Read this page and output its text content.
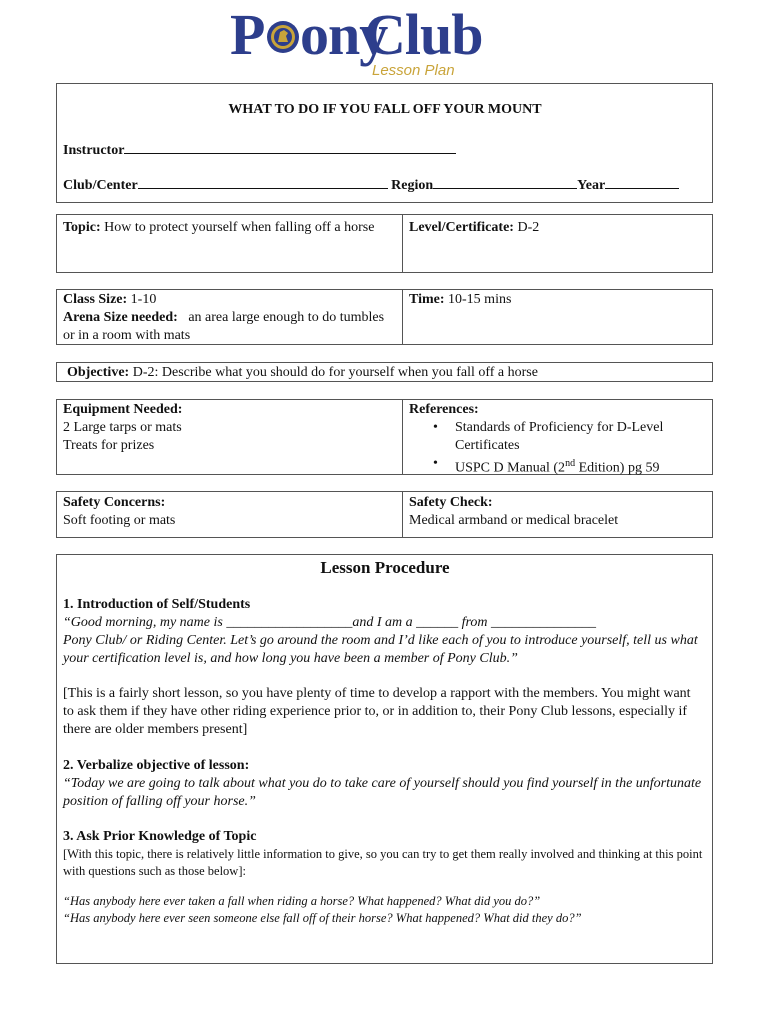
P ony
Club
Lesson Plan
WHAT TO DO IF YOU FALL OFF YOUR MOUNT
Instructor
Club/Center	Region	Year
Topic: How to protect yourself when falling off a horse	Level/Certificate: D-2
Class Size: 1-10
Arena Size needed: an area large enough to do tumbles or in a room with mats
Time: 10-15 mins
Objective: D-2: Describe what you should do for yourself when you fall off a horse
Equipment Needed:
2 Large tarps or mats
Treats for prizes
References:
• Standards of Proficiency for D-Level Certificates
• USPC D Manual (2nd Edition) pg 59
Safety Concerns:
Soft footing or mats
Safety Check:
Medical armband or medical bracelet
Lesson Procedure
1. Introduction of Self/Students
“Good morning, my name is __________________and I am a ______ from _______________
Pony Club/ or Riding Center. Let’s go around the room and I’d like each of you to introduce yourself, tell us what your certification level is, and how long you have been a member of Pony Club.”
[This is a fairly short lesson, so you have plenty of time to develop a rapport with the members. You might want to ask them if they have other riding experience prior to, or in addition to, their Pony Club lessons, especially if there are older members present]
2. Verbalize objective of lesson:
“Today we are going to talk about what you do to take care of yourself should you find yourself in the unfortunate position of falling off your horse.”
3. Ask Prior Knowledge of Topic
[With this topic, there is relatively little information to give, so you can try to get them really involved and thinking at this point with questions such as those below]:
“Has anybody here ever taken a fall when riding a horse? What happened? What did you do?”
“Has anybody here ever seen someone else fall off of their horse? What happened? What did they do?”
